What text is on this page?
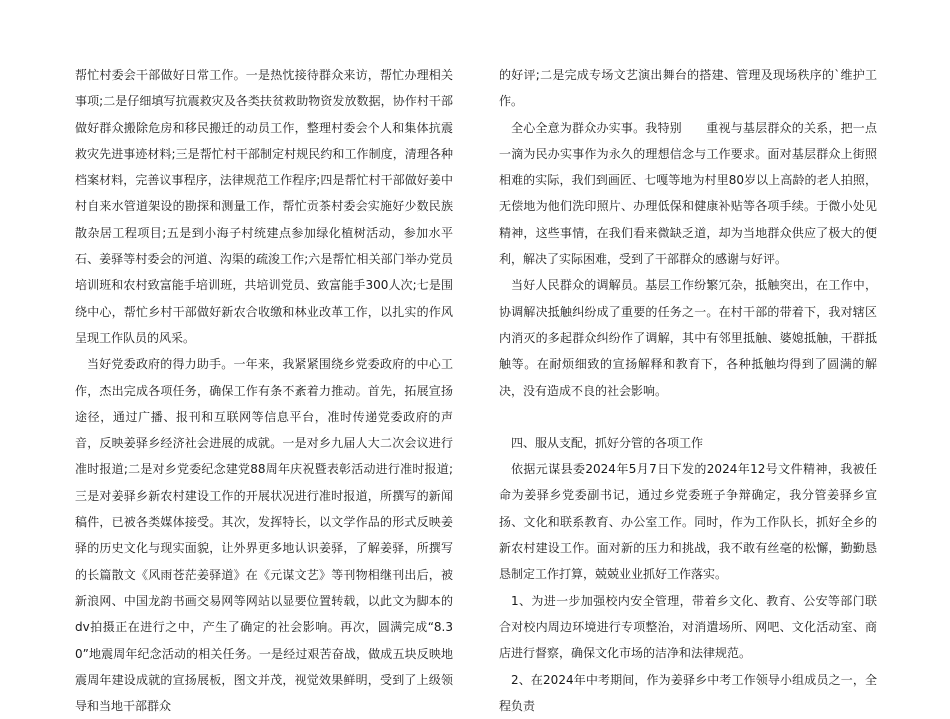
帮忙村委会干部做好日常工作。一是热忱接待群众来访，帮忙办理相关事项;二是仔细填写抗震救灾及各类扶贫救助物资发放数据，协作村干部做好群众搬除危房和移民搬迁的动员工作，整理村委会个人和集体抗震救灾先进事迹材料;三是帮忙村干部制定村规民约和工作制度，清理各种档案材料，完善议事程序，法律规范工作程序;四是帮忙村干部做好姜中村自来水管道架设的勘探和测量工作，帮忙贡茶村委会实施好少数民族散杂居工程项目;五是到小海子村统建点参加绿化植树活动，参加水平石、姜驿等村委会的河道、沟渠的疏浚工作;六是帮忙相关部门举办党员培训班和农村致富能手培训班，共培训党员、致富能手300人次;七是围绕中心，帮忙乡村干部做好新农合收缴和林业改革工作，以扎实的作风呈现工作队员的风采。

当好党委政府的得力助手。一年来，我紧紧围绕乡党委政府的中心工作，杰出完成各项任务，确保工作有条不紊着力推动。首先，拓展宣扬途径，通过广播、报刊和互联网等信息平台，准时传递党委政府的声音，反映姜驿乡经济社会进展的成就。一是对乡九届人大二次会议进行准时报道;二是对乡党委纪念建党88周年庆祝暨表彰活动进行准时报道;三是对姜驿乡新农村建设工作的开展状况进行准时报道，所撰写的新闻稿件，已被各类媒体接受。其次，发挥特长，以文学作品的形式反映姜驿的历史文化与现实面貌，让外界更多地认识姜驿，了解姜驿，所撰写的长篇散文《风雨苍茫姜驿道》在《元谋文艺》等刊物相继刊出后，被新浪网、中国龙韵书画交易网等网站以显要位置转载，以此文为脚本的dv拍摄正在进行之中，产生了确定的社会影响。再次，圆满完成“8.30”地震周年纪念活动的相关任务。一是经过艰苦奋战，做成五块反映地震周年建设成就的宣扬展板，图文并茂，视觉效果鲜明，受到了上级领导和当地干部群众

的好评;二是完成专场文艺演出舞台的搭建、管理及现场秩序的`维护工作。

全心全意为群众办实事。我特别　　重视与基层群众的关系，把一点一滴为民办实事作为永久的理想信念与工作要求。面对基层群众上街照相难的实际，我们到画匠、七嘎等地为村里80岁以上高龄的老人拍照，无偿地为他们洗印照片、办理低保和健康补贴等各项手续。于微小处见精神，这些事情，在我们看来微缺乏道，却为当地群众供应了极大的便利，解决了实际困难，受到了干部群众的感谢与好评。

当好人民群众的调解员。基层工作纷繁冗杂，抵触突出，在工作中，协调解决抵触纠纷成了重要的任务之一。在村干部的带着下，我对辖区内消灭的多起群众纠纷作了调解，其中有邻里抵触、婆媳抵触，干群抵触等。在耐烦细致的宣扬解释和教育下，各种抵触均得到了圆满的解决，没有造成不良的社会影响。

四、服从支配，抓好分管的各项工作

依据元谋县委2024年5月7日下发的2024年12号文件精神，我被任命为姜驿乡党委副书记，通过乡党委班子争辩确定，我分管姜驿乡宣扬、文化和联系教育、办公室工作。同时，作为工作队长，抓好全乡的新农村建设工作。面对新的压力和挑战，我不敢有丝毫的松懈，勤勤恳恳制定工作打算，兢兢业业抓好工作落实。

1、为进一步加强校内安全管理，带着乡文化、教育、公安等部门联合对校内周边环境进行专项整治，对消遣场所、网吧、文化活动室、商店进行督察，确保文化市场的洁净和法律规范。

2、在2024年中考期间，作为姜驿乡中考工作领导小组成员之一，全程负责
